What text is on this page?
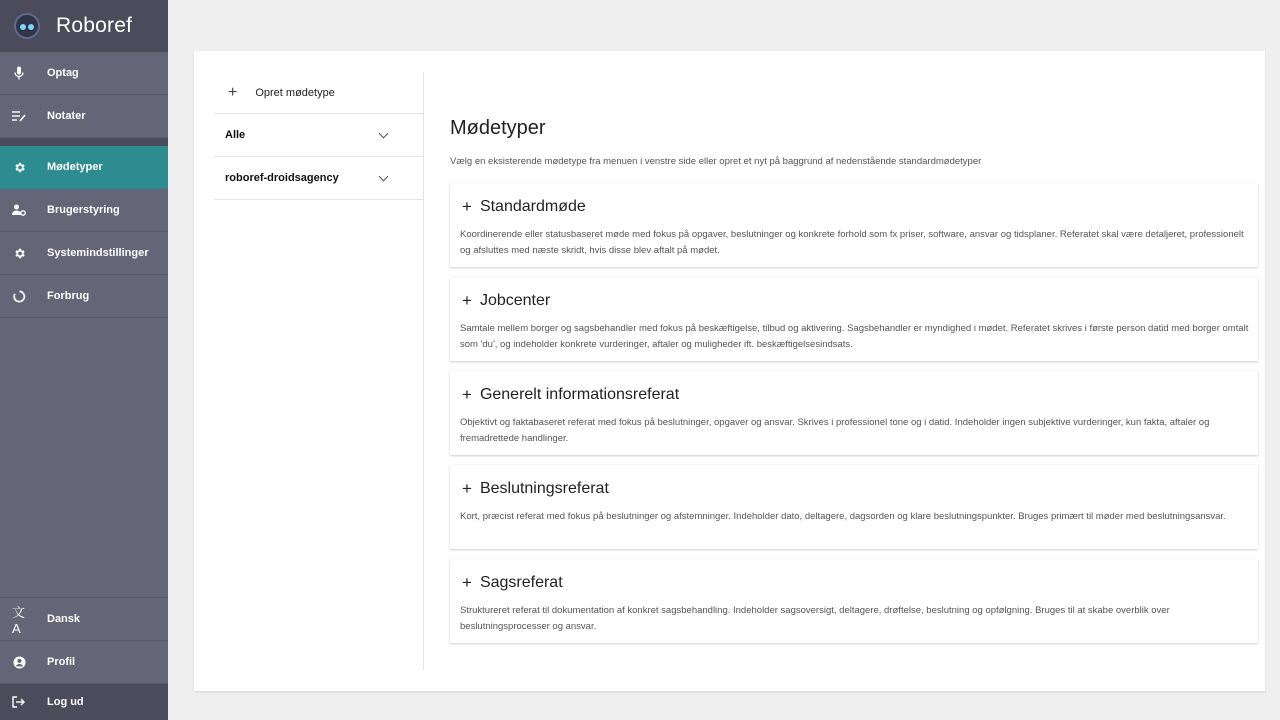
Roboref
Optag
Notater
Mødetyper
Brugerstyring
Systemindstillinger
Forbrug
文A
Dansk
Profil
Log ud
+ Opret mødetype
Alle
roboref-droidsagency
Mødetyper

Vælg en eksisterende mødetype fra menuen i venstre side eller opret et nyt på baggrund af nedenstående standardmødetyper

+ Standardmøde

Koordinerende eller statusbaseret møde med fokus på opgaver, beslutninger og konkrete forhold som fx priser, software, ansvar og tidsplaner. Referatet skal være detaljeret, professionelt og afsluttes med næste skridt, hvis disse blev aftalt på mødet.

+ Jobcenter

Samtale mellem borger og sagsbehandler med fokus på beskæftigelse, tilbud og aktivering. Sagsbehandler er myndighed i mødet. Referatet skrives i første person datid med borger omtalt som 'du', og indeholder konkrete vurderinger, aftaler og muligheder ift. beskæftigelsesindsats.

+ Generelt informationsreferat

Objektivt og faktabaseret referat med fokus på beslutninger, opgaver og ansvar. Skrives i professionel tone og i datid. Indeholder ingen subjektive vurderinger, kun fakta, aftaler og fremadrettede handlinger.

+ Beslutningsreferat

Kort, præcist referat med fokus på beslutninger og afstemninger. Indeholder dato, deltagere, dagsorden og klare beslutningspunkter. Bruges primært til møder med beslutningsansvar.

+ Sagsreferat

Struktureret referat til dokumentation af konkret sagsbehandling. Indeholder sagsoversigt, deltagere, drøftelse, beslutning og opfølgning. Bruges til at skabe overblik over beslutningsprocesser og ansvar.
